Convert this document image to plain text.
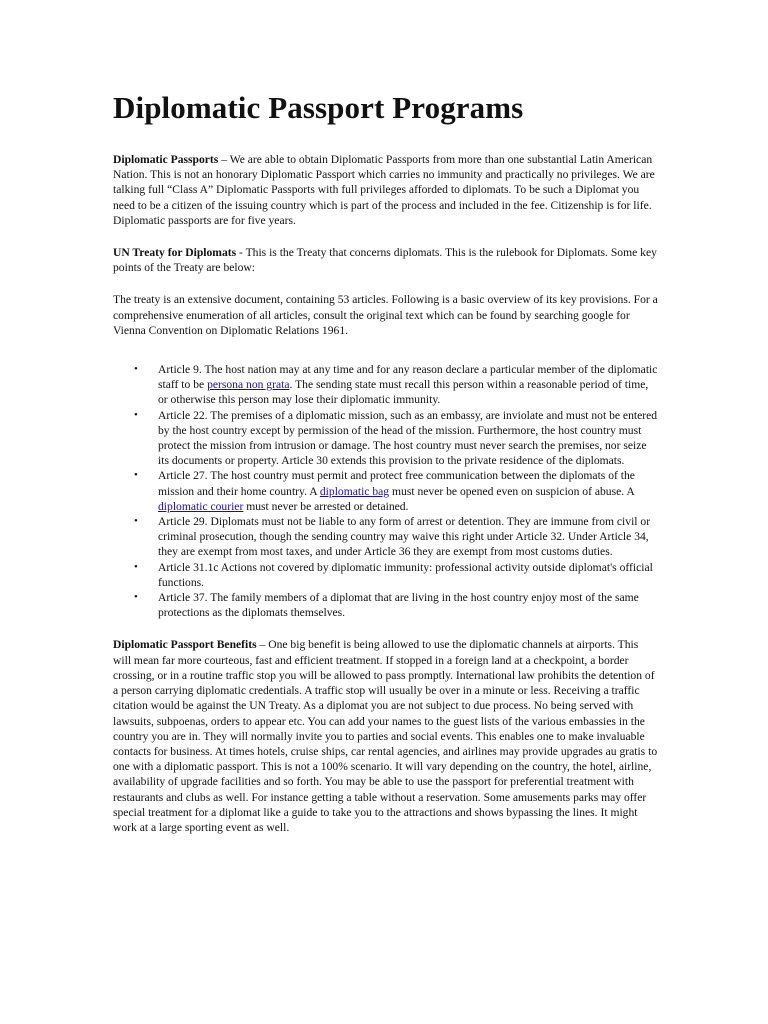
Diplomatic Passport Programs

Diplomatic Passports – We are able to obtain Diplomatic Passports from more than one substantial Latin American Nation. This is not an honorary Diplomatic Passport which carries no immunity and practically no privileges. We are talking full “Class A” Diplomatic Passports with full privileges afforded to diplomats. To be such a Diplomat you need to be a citizen of the issuing country which is part of the process and included in the fee. Citizenship is for life. Diplomatic passports are for five years.

UN Treaty for Diplomats - This is the Treaty that concerns diplomats. This is the rulebook for Diplomats. Some key points of the Treaty are below:

The treaty is an extensive document, containing 53 articles. Following is a basic overview of its key provisions. For a comprehensive enumeration of all articles, consult the original text which can be found by searching google for Vienna Convention on Diplomatic Relations 1961.

• Article 9. The host nation may at any time and for any reason declare a particular member of the diplomatic staff to be persona non grata. The sending state must recall this person within a reasonable period of time, or otherwise this person may lose their diplomatic immunity.
• Article 22. The premises of a diplomatic mission, such as an embassy, are inviolate and must not be entered by the host country except by permission of the head of the mission. Furthermore, the host country must protect the mission from intrusion or damage. The host country must never search the premises, nor seize its documents or property. Article 30 extends this provision to the private residence of the diplomats.
• Article 27. The host country must permit and protect free communication between the diplomats of the mission and their home country. A diplomatic bag must never be opened even on suspicion of abuse. A diplomatic courier must never be arrested or detained.
• Article 29. Diplomats must not be liable to any form of arrest or detention. They are immune from civil or criminal prosecution, though the sending country may waive this right under Article 32. Under Article 34, they are exempt from most taxes, and under Article 36 they are exempt from most customs duties.
• Article 31.1c Actions not covered by diplomatic immunity: professional activity outside diplomat's official functions.
• Article 37. The family members of a diplomat that are living in the host country enjoy most of the same protections as the diplomats themselves.

Diplomatic Passport Benefits – One big benefit is being allowed to use the diplomatic channels at airports. This will mean far more courteous, fast and efficient treatment. If stopped in a foreign land at a checkpoint, a border crossing, or in a routine traffic stop you will be allowed to pass promptly. International law prohibits the detention of a person carrying diplomatic credentials. A traffic stop will usually be over in a minute or less. Receiving a traffic citation would be against the UN Treaty. As a diplomat you are not subject to due process. No being served with lawsuits, subpoenas, orders to appear etc. You can add your names to the guest lists of the various embassies in the country you are in. They will normally invite you to parties and social events. This enables one to make invaluable contacts for business. At times hotels, cruise ships, car rental agencies, and airlines may provide upgrades au gratis to one with a diplomatic passport. This is not a 100% scenario. It will vary depending on the country, the hotel, airline, availability of upgrade facilities and so forth. You may be able to use the passport for preferential treatment with restaurants and clubs as well. For instance getting a table without a reservation. Some amusements parks may offer special treatment for a diplomat like a guide to take you to the attractions and shows bypassing the lines. It might work at a large sporting event as well.
